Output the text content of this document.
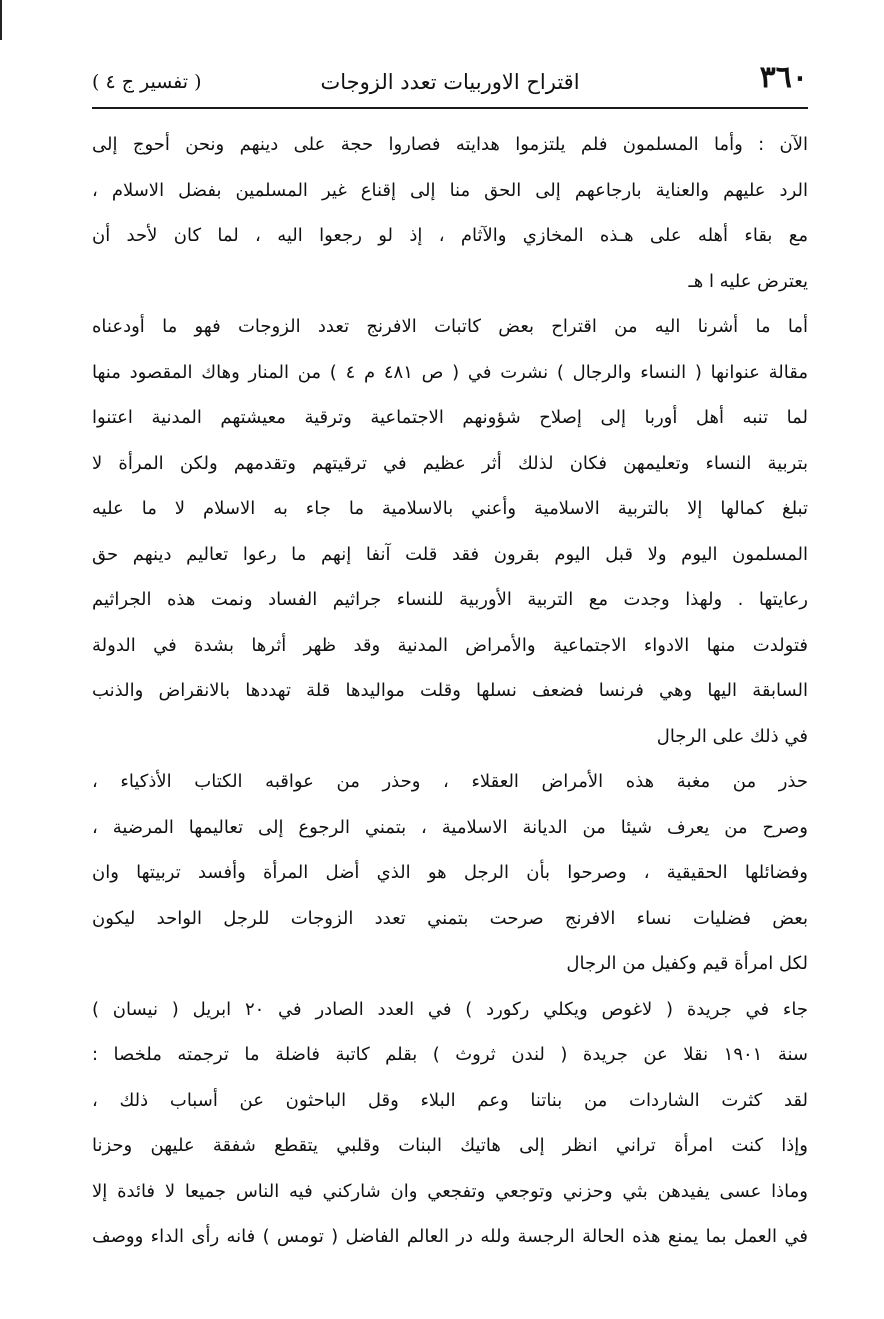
٣٦٠
اقتراح الاوربيات تعدد الزوجات
( تفسير ج ٤ )
الآن : وأما المسلمون فلم يلتزموا هدايته فصاروا حجة على دينهم ونحن أحوج إلى
الرد عليهم والعناية بارجاعهم إلى الحق منا إلى إقناع غير المسلمين بفضل الاسلام ،
مع بقاء أهله على هـذه المخازي والآثام ، إذ لو رجعوا اليه ، لما كان لأحد أن
يعترض عليه ا هـ
أما ما أشرنا اليه من اقتراح بعض كاتبات الافرنج تعدد الزوجات فهو ما أودعناه
مقالة عنوانها ( النساء والرجال ) نشرت في ( ص ٤٨١ م ٤ ) من المنار وهاك المقصود منها
لما تنبه أهل أوربا إلى إصلاح شؤونهم الاجتماعية وترقية معيشتهم المدنية اعتنوا
بتربية النساء وتعليمهن فكان لذلك أثر عظيم في ترقيتهم وتقدمهم ولكن المرأة لا
تبلغ كمالها إلا بالتربية الاسلامية وأعني بالاسلامية ما جاء به الاسلام لا ما عليه
المسلمون اليوم ولا قبل اليوم بقرون فقد قلت آنفا إنهم ما رعوا تعاليم دينهم حق
رعايتها . ولهذا وجدت مع التربية الأوربية للنساء جراثيم الفساد ونمت هذه الجراثيم
فتولدت منها الادواء الاجتماعية والأمراض المدنية وقد ظهر أثرها بشدة في الدولة
السابقة اليها وهي فرنسا فضعف نسلها وقلت مواليدها قلة تهددها بالانقراض والذنب
في ذلك على الرجال
حذر من مغبة هذه الأمراض العقلاء ، وحذر من عواقبه الكتاب الأذكياء ،
وصرح من يعرف شيئا من الديانة الاسلامية ، بتمني الرجوع إلى تعاليمها المرضية ،
وفضائلها الحقيقية ، وصرحوا بأن الرجل هو الذي أضل المرأة وأفسد تربيتها وان
بعض فضليات نساء الافرنج صرحت بتمني تعدد الزوجات للرجل الواحد ليكون
لكل امرأة قيم وكفيل من الرجال
جاء في جريدة ( لاغوص ويكلي ركورد ) في العدد الصادر في ٢٠ ابريل ( نيسان )
سنة ١٩٠١ نقلا عن جريدة ( لندن ثروث ) بقلم كاتبة فاضلة ما ترجمته ملخصا :
لقد كثرت الشاردات من بناتنا وعم البلاء وقل الباحثون عن أسباب ذلك ،
وإذا كنت امرأة تراني انظر إلى هاتيك البنات وقلبي يتقطع شفقة عليهن وحزنا
وماذا عسى يفيدهن بثي وحزني وتوجعي وتفجعي وان شاركني فيه الناس جميعا لا فائدة إلا
في العمل بما يمنع هذه الحالة الرجسة ولله در العالم الفاضل ( تومس ) فانه رأى الداء ووصف
